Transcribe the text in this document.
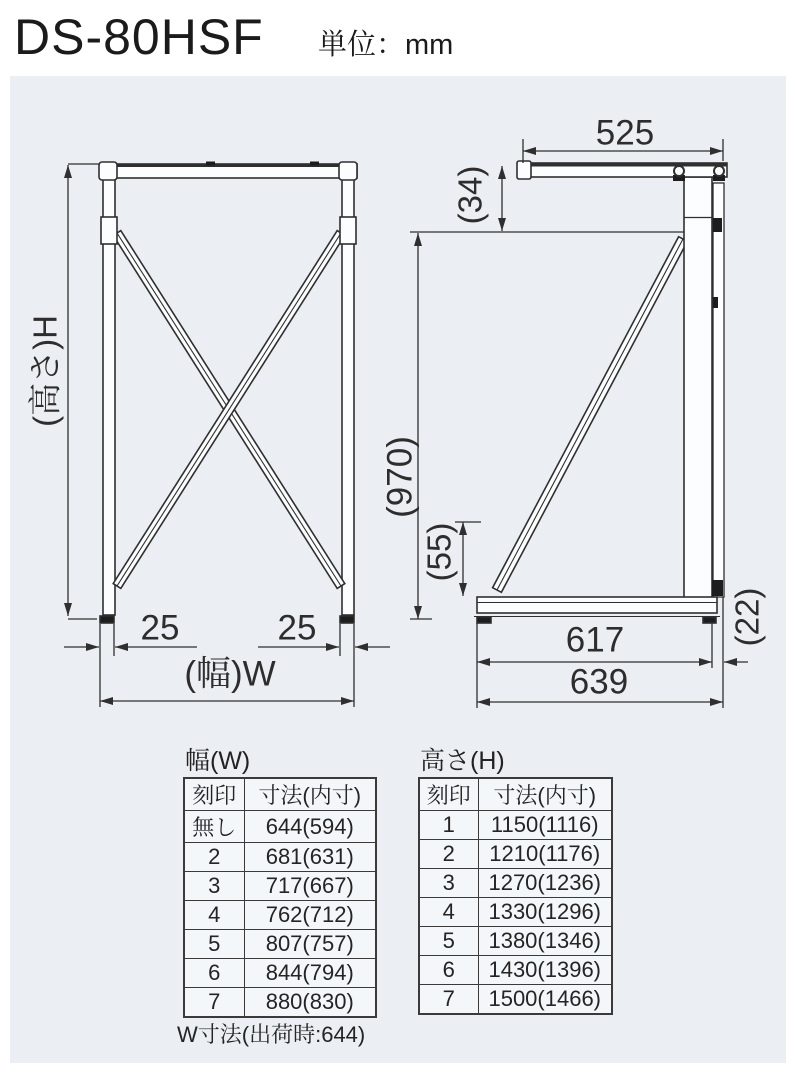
DS-80HSF 単位：mm
(高さ)H
25	25
(幅)W
525
(34)
(970)
(55)
617
639
(22)
幅(W)
刻印	寸法(内寸)
無し	644(594)
2	681(631)
3	717(667)
4	762(712)
5	807(757)
6	844(794)
7	880(830)
W寸法(出荷時:644)
高さ(H)
刻印	寸法(内寸)
1	1150(1116)
2	1210(1176)
3	1270(1236)
4	1330(1296)
5	1380(1346)
6	1430(1396)
7	1500(1466)
